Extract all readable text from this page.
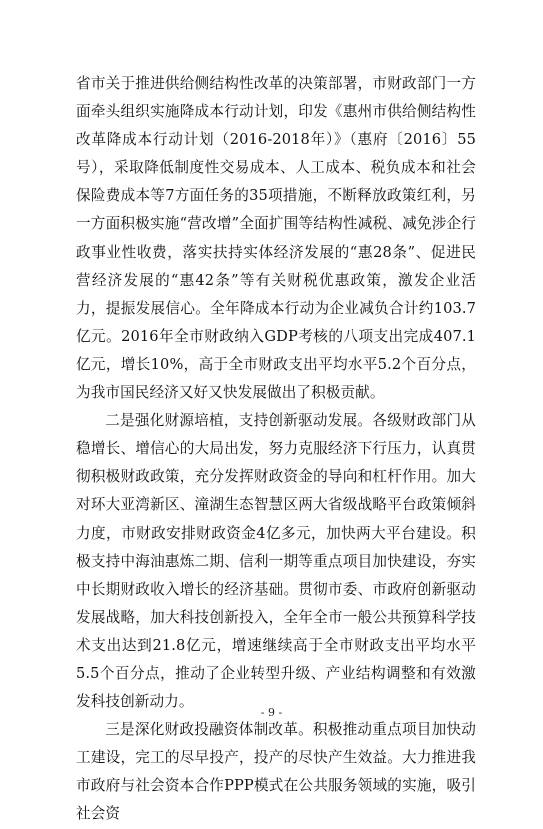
省市关于推进供给侧结构性改革的决策部署，市财政部门一方面牵头组织实施降成本行动计划，印发《惠州市供给侧结构性改革降成本行动计划（2016-2018年）》（惠府〔2016〕55号），采取降低制度性交易成本、人工成本、税负成本和社会保险费成本等7方面任务的35项措施，不断释放政策红利，另一方面积极实施“营改增”全面扩围等结构性减税、减免涉企行政事业性收费，落实扶持实体经济发展的“惠28条”、促进民营经济发展的“惠42条”等有关财税优惠政策，激发企业活力，提振发展信心。全年降成本行动为企业减负合计约103.7亿元。2016年全市财政纳入GDP考核的八项支出完成407.1亿元，增长10%，高于全市财政支出平均水平5.2个百分点，为我市国民经济又好又快发展做出了积极贡献。

二是强化财源培植，支持创新驱动发展。各级财政部门从稳增长、增信心的大局出发，努力克服经济下行压力，认真贯彻积极财政政策，充分发挥财政资金的导向和杠杆作用。加大对环大亚湾新区、潼湖生态智慧区两大省级战略平台政策倾斜力度，市财政安排财政资金4亿多元，加快两大平台建设。积极支持中海油惠炼二期、信利一期等重点项目加快建设，夯实中长期财政收入增长的经济基础。贯彻市委、市政府创新驱动发展战略，加大科技创新投入，全年全市一般公共预算科学技术支出达到21.8亿元，增速继续高于全市财政支出平均水平5.5个百分点，推动了企业转型升级、产业结构调整和有效激发科技创新动力。

三是深化财政投融资体制改革。积极推动重点项目加快动工建设，完工的尽早投产，投产的尽快产生效益。大力推进我市政府与社会资本合作PPP模式在公共服务领域的实施，吸引社会资

- 9 -
